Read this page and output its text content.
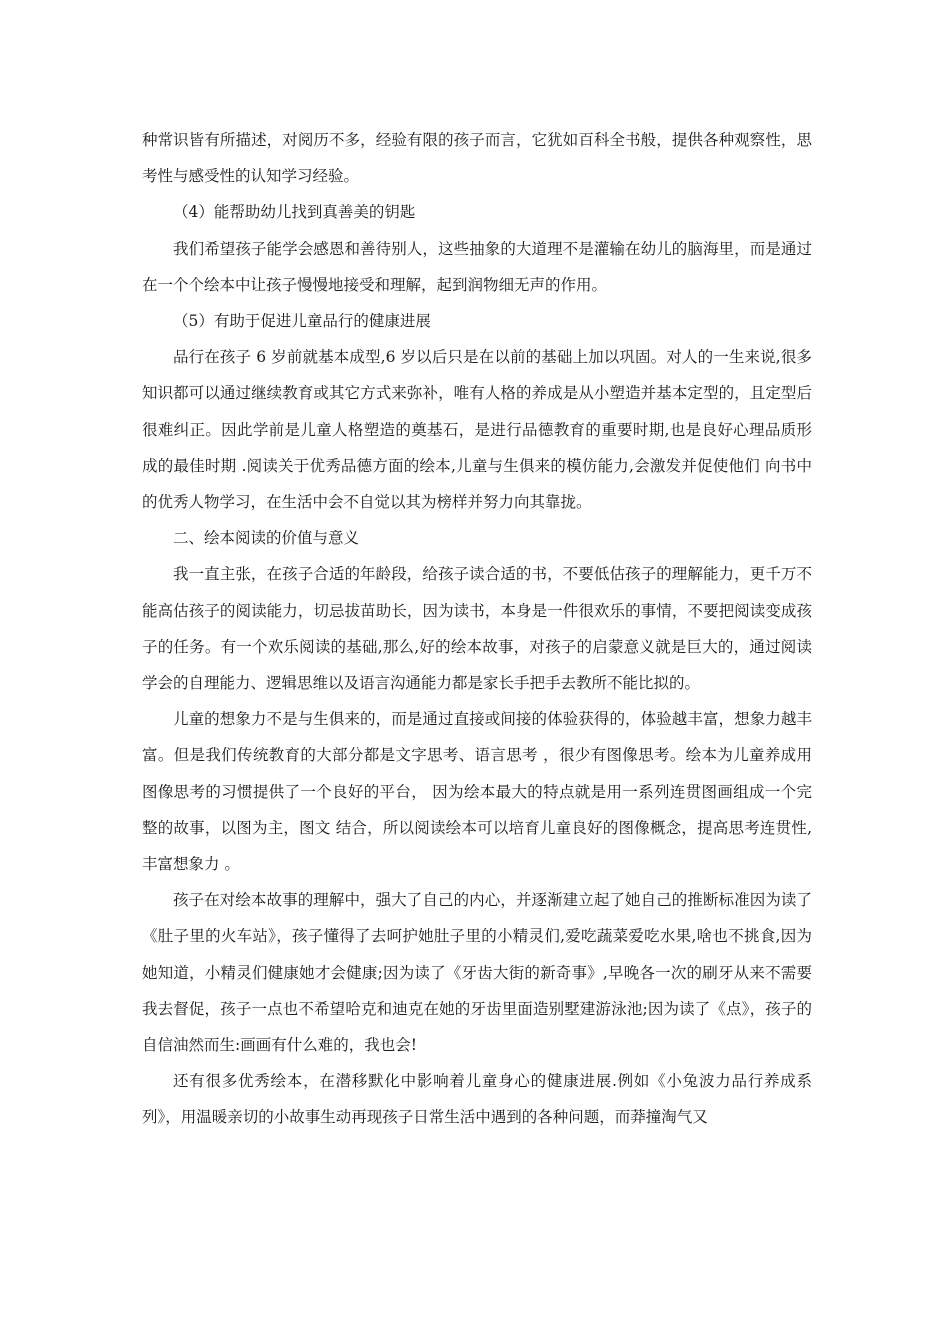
种常识皆有所描述，对阅历不多，经验有限的孩子而言，它犹如百科全书般，提供各种观察性，思考性与感受性的认知学习经验。

（4）能帮助幼儿找到真善美的钥匙

我们希望孩子能学会感恩和善待别人，这些抽象的大道理不是灌输在幼儿的脑海里，而是通过在一个个绘本中让孩子慢慢地接受和理解，起到润物细无声的作用。

（5）有助于促进儿童品行的健康进展

品行在孩子 6 岁前就基本成型,6 岁以后只是在以前的基础上加以巩固。对人的一生来说,很多知识都可以通过继续教育或其它方式来弥补，唯有人格的养成是从小塑造并基本定型的，且定型后很难纠正。因此学前是儿童人格塑造的奠基石，是进行品德教育的重要时期,也是良好心理品质形成的最佳时期 .阅读关于优秀品德方面的绘本,儿童与生俱来的模仿能力,会激发并促使他们 向书中的优秀人物学习，在生活中会不自觉以其为榜样并努力向其靠拢。

二、绘本阅读的价值与意义

我一直主张，在孩子合适的年龄段，给孩子读合适的书，不要低估孩子的理解能力，更千万不能高估孩子的阅读能力，切忌拔苗助长，因为读书，本身是一件很欢乐的事情，不要把阅读变成孩子的任务。有一个欢乐阅读的基础,那么,好的绘本故事，对孩子的启蒙意义就是巨大的，通过阅读学会的自理能力、逻辑思维以及语言沟通能力都是家长手把手去教所不能比拟的。

儿童的想象力不是与生俱来的，而是通过直接或间接的体验获得的，体验越丰富，想象力越丰富。但是我们传统教育的大部分都是文字思考、语言思考 ，很少有图像思考。绘本为儿童养成用图像思考的习惯提供了一个良好的平台， 因为绘本最大的特点就是用一系列连贯图画组成一个完整的故事，以图为主，图文 结合，所以阅读绘本可以培育儿童良好的图像概念，提高思考连贯性,丰富想象力 。

孩子在对绘本故事的理解中，强大了自己的内心，并逐渐建立起了她自己的推断标准因为读了《肚子里的火车站》，孩子懂得了去呵护她肚子里的小精灵们,爱吃蔬菜爱吃水果,啥也不挑食,因为她知道，小精灵们健康她才会健康;因为读了《牙齿大街的新奇事》,早晚各一次的刷牙从来不需要我去督促，孩子一点也不希望哈克和迪克在她的牙齿里面造别墅建游泳池;因为读了《点》，孩子的自信油然而生:画画有什么难的，我也会!

还有很多优秀绘本，在潜移默化中影响着儿童身心的健康进展.例如《小兔波力品行养成系列》，用温暖亲切的小故事生动再现孩子日常生活中遇到的各种问题，而莽撞淘气又
